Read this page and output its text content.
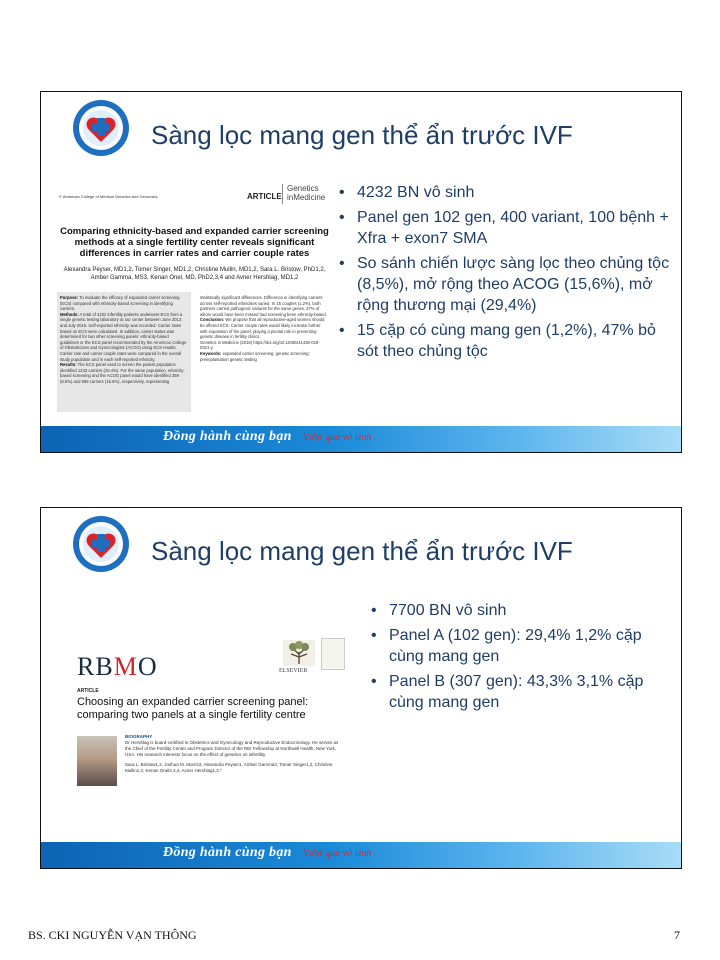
Sàng lọc mang gen thể ẩn trước IVF
© American College of Medical Genetics and Genomics	ARTICLE
Genetics
inMedicine
Comparing ethnicity-based and expanded carrier screening methods at a single fertility center reveals significant differences in carrier rates and carrier couple rates
Alexandra Peyser, MD1,2, Tomer Singer, MD1,2, Christine Mullin, MD1,2, Sara L. Bristow, PhD1,2, Amber Gamma, MS3, Kenan Onel, MD, PhD2,3,4 and Avner Hershlag, MD1,2
Purpose: To evaluate the efficacy of expanded carrier screening (ECS) compared with ethnicity-based screening in identifying carriers.
Methods: A total of 4232 infertility patients underwent ECS from a single genetic testing laboratory at our center between June 2013 and July 2015. Self-reported ethnicity was recorded. Carrier rates based on ECS were calculated. In addition, carrier status was determined for two other screening panels: ethnicity-based guidelines or the ECS panel recommended by the American College of Obstetricians and Gynecologists (ACOG) using ECS results. Carrier rate and carrier couple rates were compared in the overall study population and in each self-reported ethnicity.
Results: The ECS panel used to screen the patient population identified 1243 carriers (29.4%). For the same population, ethnicity-based screening and the ACOG panel would have identified 359 (8.5%) and 659 carriers (15.6%), respectively, representing
statistically significant differences. Difference in identifying carriers across self-reported ethnicities varied. In 15 couples (1.2%), both partners carried pathogenic variants for the same genes, 47% of whom would have been missed had screening been ethnicity-based.
Conclusion: We propose that all reproductive-aged women should be offered ECS. Carrier couple rates would likely increase further with expansion of the panel, playing a pivotal role in preventing genetic disease in fertility clinics.
Genetics in Medicine (2018) https://doi.org/10.1038/s41436-018-0321-y
Keywords: expanded carrier screening; genetic screening; preimplantation genetic testing
• 4232 BN vô sinh
• Panel gen 102 gen, 400 variant, 100 bệnh + Xfra + exon7 SMA
• So sánh chiến lược sàng lọc theo chủng tộc (8,5%), mở rộng theo ACOG (15,6%), mở rộng thương mại (29,4%)
• 15 cặp có cùng mang gen (1,2%), 47% bỏ sót theo chủng tộc
Đồng hành cùng bạn Vượt qua vô sinh
Sàng lọc mang gen thể ẩn trước IVF
RBMO	ELSEVIER
ARTICLE
Choosing an expanded carrier screening panel: comparing two panels at a single fertility centre
BIOGRAPHY
Dr Hershlag is board-certified in Obstetrics and Gynecology and Reproductive Endocrinology. He serves as the Chief of the Fertility Center and Program Director of the REI Fellowship at Northwell Health, New York, USA. His research interests focus on the effect of genetics on infertility.
Sara L. Bristow1,2, Joshua M. Morris3, Alexandra Peyser1, Amber Gamma3, Tomer Singer1,2, Christine Mullin1,2, Kenan Onel2,3,4, Avner Hershlag1,2,*
• 7700 BN vô sinh
• Panel A (102 gen): 29,4% 1,2% cặp cùng mang gen
• Panel B (307 gen): 43,3% 3,1% cặp cùng mang gen
Đồng hành cùng bạn Vượt qua vô sinh
BS. CKI NGUYỄN VẠN THÔNG	7
